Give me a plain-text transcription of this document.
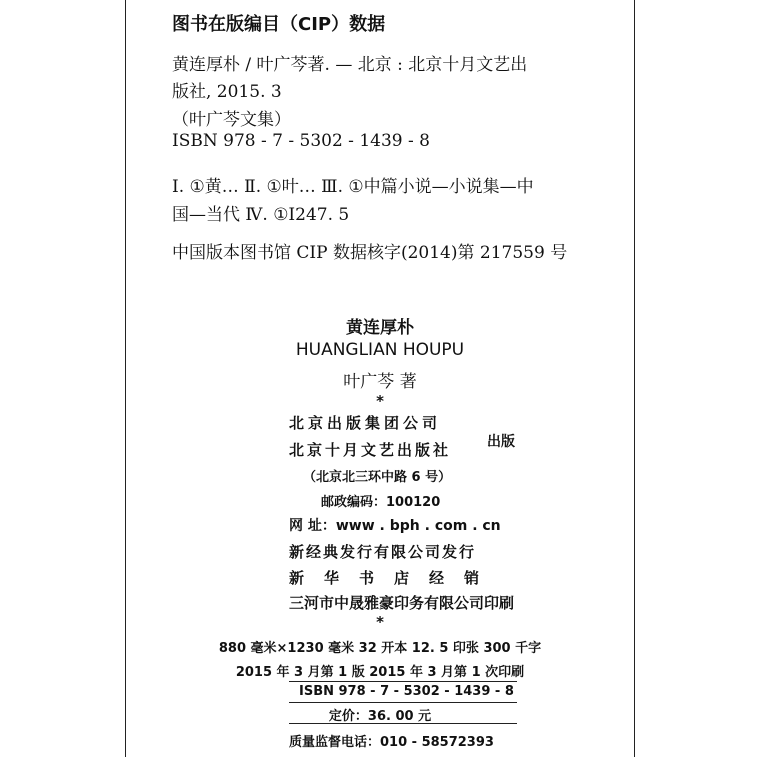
图书在版编目（CIP）数据
黄连厚朴 / 叶广芩著. — 北京 : 北京十月文艺出
版社, 2015. 3
（叶广芩文集）
ISBN 978 - 7 - 5302 - 1439 - 8
Ⅰ. ①黄… Ⅱ. ①叶… Ⅲ. ①中篇小说—小说集—中
国—当代 Ⅳ. ①I247. 5
中国版本图书馆 CIP 数据核字(2014)第 217559 号
黄连厚朴
HUANGLIAN HOUPU
叶广芩 著
*
北京出版集团公司
北京十月文艺出版社	出版
（北京北三环中路 6 号）
邮政编码：100120
网 址：www . bph . com . cn
新经典发行有限公司发行
新华书店经销
三河市中晟雅豪印务有限公司印刷
*
880 毫米×1230 毫米 32 开本 12. 5 印张 300 千字
2015 年 3 月第 1 版 2015 年 3 月第 1 次印刷
ISBN 978 - 7 - 5302 - 1439 - 8
定价：36. 00 元
质量监督电话：010 - 58572393
